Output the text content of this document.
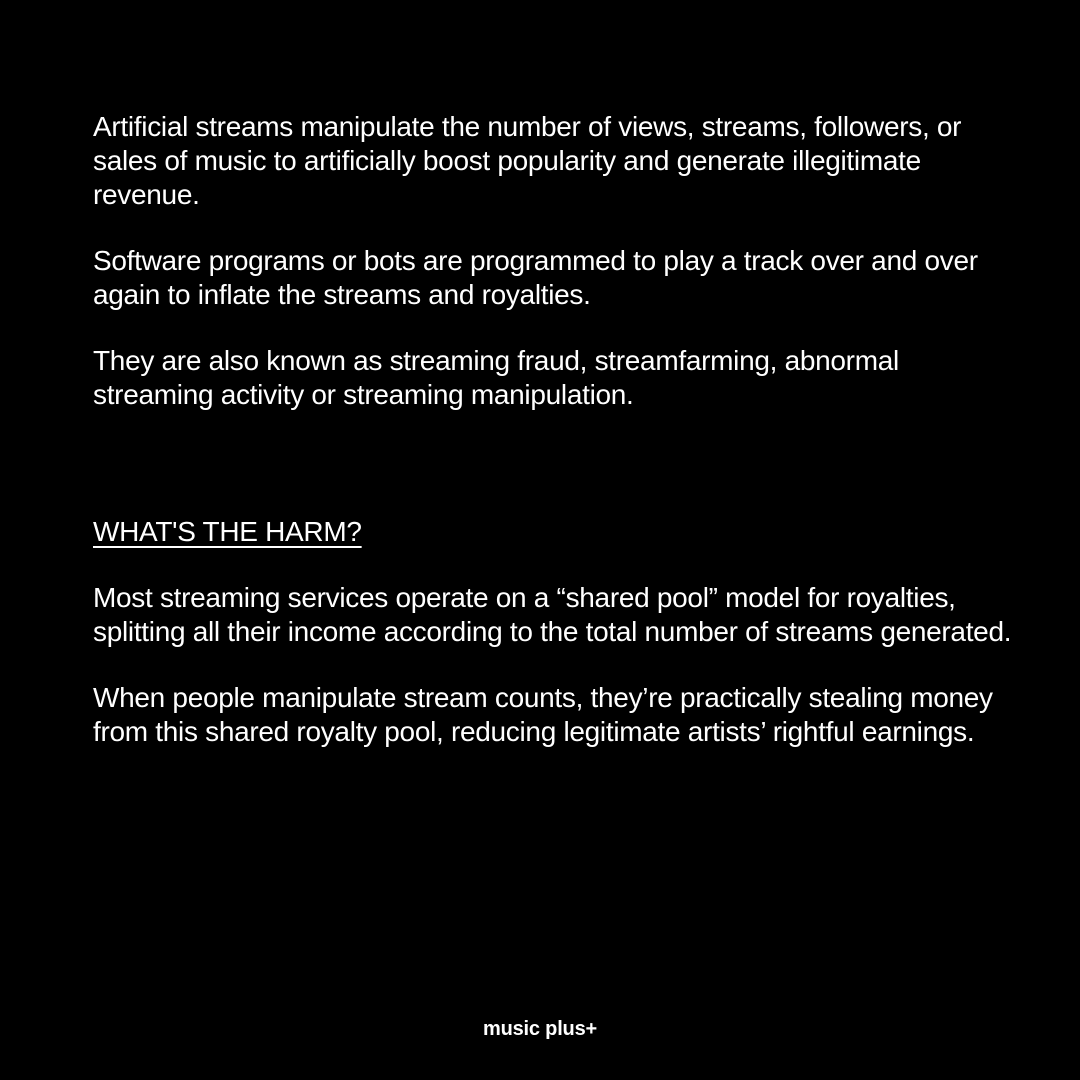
Artificial streams manipulate the number of views, streams, followers, or sales of music to artificially boost popularity and generate illegitimate revenue.

Software programs or bots are programmed to play a track over and over again to inflate the streams and royalties.

They are also known as streaming fraud, streamfarming, abnormal streaming activity or streaming manipulation.

WHAT'S THE HARM?

Most streaming services operate on a “shared pool” model for royalties, splitting all their income according to the total number of streams generated.

When people manipulate stream counts, they’re practically stealing money from this shared royalty pool, reducing legitimate artists’ rightful earnings.

music plus+
